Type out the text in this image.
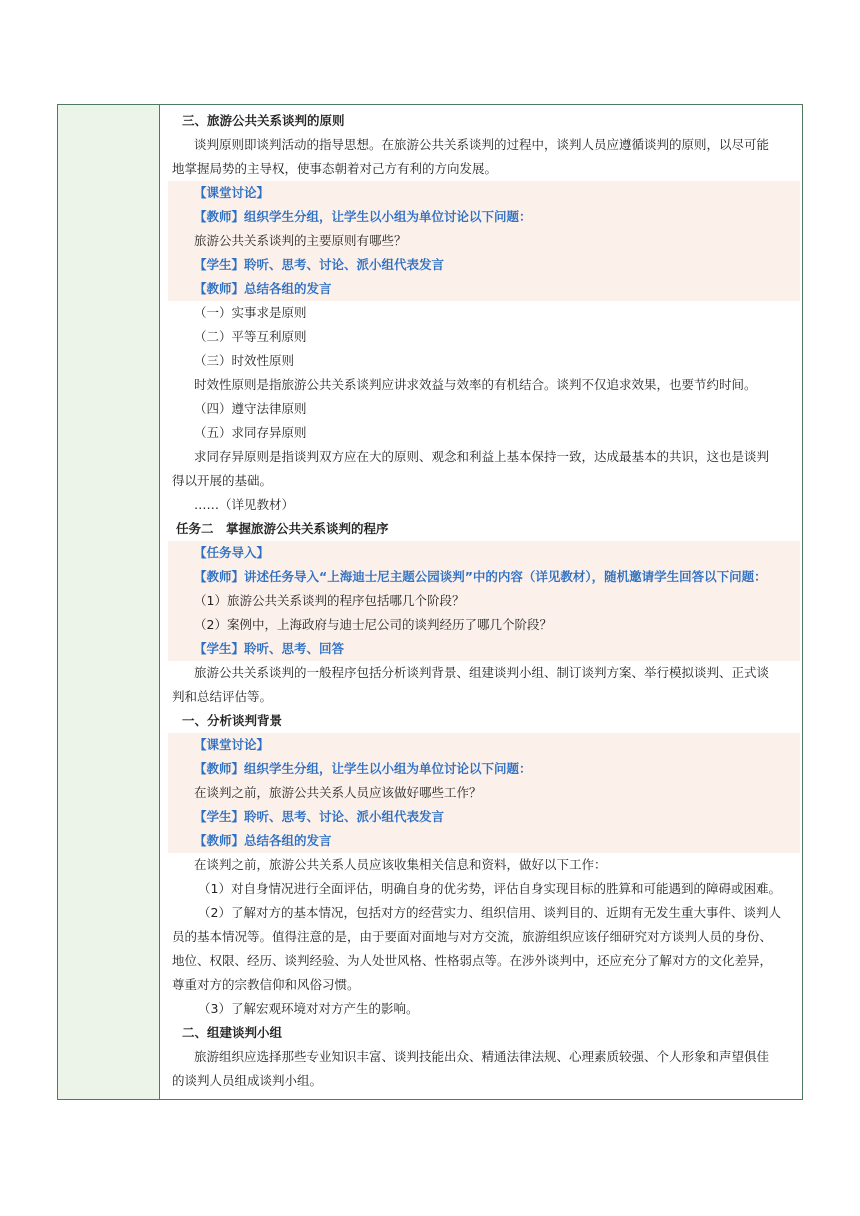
三、旅游公共关系谈判的原则
谈判原则即谈判活动的指导思想。在旅游公共关系谈判的过程中，谈判人员应遵循谈判的原则，以尽可能
地掌握局势的主导权，使事态朝着对己方有利的方向发展。
【课堂讨论】
【教师】组织学生分组，让学生以小组为单位讨论以下问题：
旅游公共关系谈判的主要原则有哪些？
【学生】聆听、思考、讨论、派小组代表发言
【教师】总结各组的发言
（一）实事求是原则
（二）平等互利原则
（三）时效性原则
时效性原则是指旅游公共关系谈判应讲求效益与效率的有机结合。谈判不仅追求效果，也要节约时间。
（四）遵守法律原则
（五）求同存异原则
求同存异原则是指谈判双方应在大的原则、观念和利益上基本保持一致，达成最基本的共识，这也是谈判
得以开展的基础。
……（详见教材）
任务二　掌握旅游公共关系谈判的程序
【任务导入】
【教师】讲述任务导入“上海迪士尼主题公园谈判”中的内容（详见教材），随机邀请学生回答以下问题：
（1）旅游公共关系谈判的程序包括哪几个阶段？
（2）案例中，上海政府与迪士尼公司的谈判经历了哪几个阶段？
【学生】聆听、思考、回答
旅游公共关系谈判的一般程序包括分析谈判背景、组建谈判小组、制订谈判方案、举行模拟谈判、正式谈
判和总结评估等。
一、分析谈判背景
【课堂讨论】
【教师】组织学生分组，让学生以小组为单位讨论以下问题：
在谈判之前，旅游公共关系人员应该做好哪些工作？
【学生】聆听、思考、讨论、派小组代表发言
【教师】总结各组的发言
在谈判之前，旅游公共关系人员应该收集相关信息和资料，做好以下工作：
（1）对自身情况进行全面评估，明确自身的优劣势，评估自身实现目标的胜算和可能遇到的障碍或困难。
（2）了解对方的基本情况，包括对方的经营实力、组织信用、谈判目的、近期有无发生重大事件、谈判人
员的基本情况等。值得注意的是，由于要面对面地与对方交流，旅游组织应该仔细研究对方谈判人员的身份、
地位、权限、经历、谈判经验、为人处世风格、性格弱点等。在涉外谈判中，还应充分了解对方的文化差异，
尊重对方的宗教信仰和风俗习惯。
（3）了解宏观环境对对方产生的影响。
二、组建谈判小组
旅游组织应选择那些专业知识丰富、谈判技能出众、精通法律法规、心理素质较强、个人形象和声望俱佳
的谈判人员组成谈判小组。
